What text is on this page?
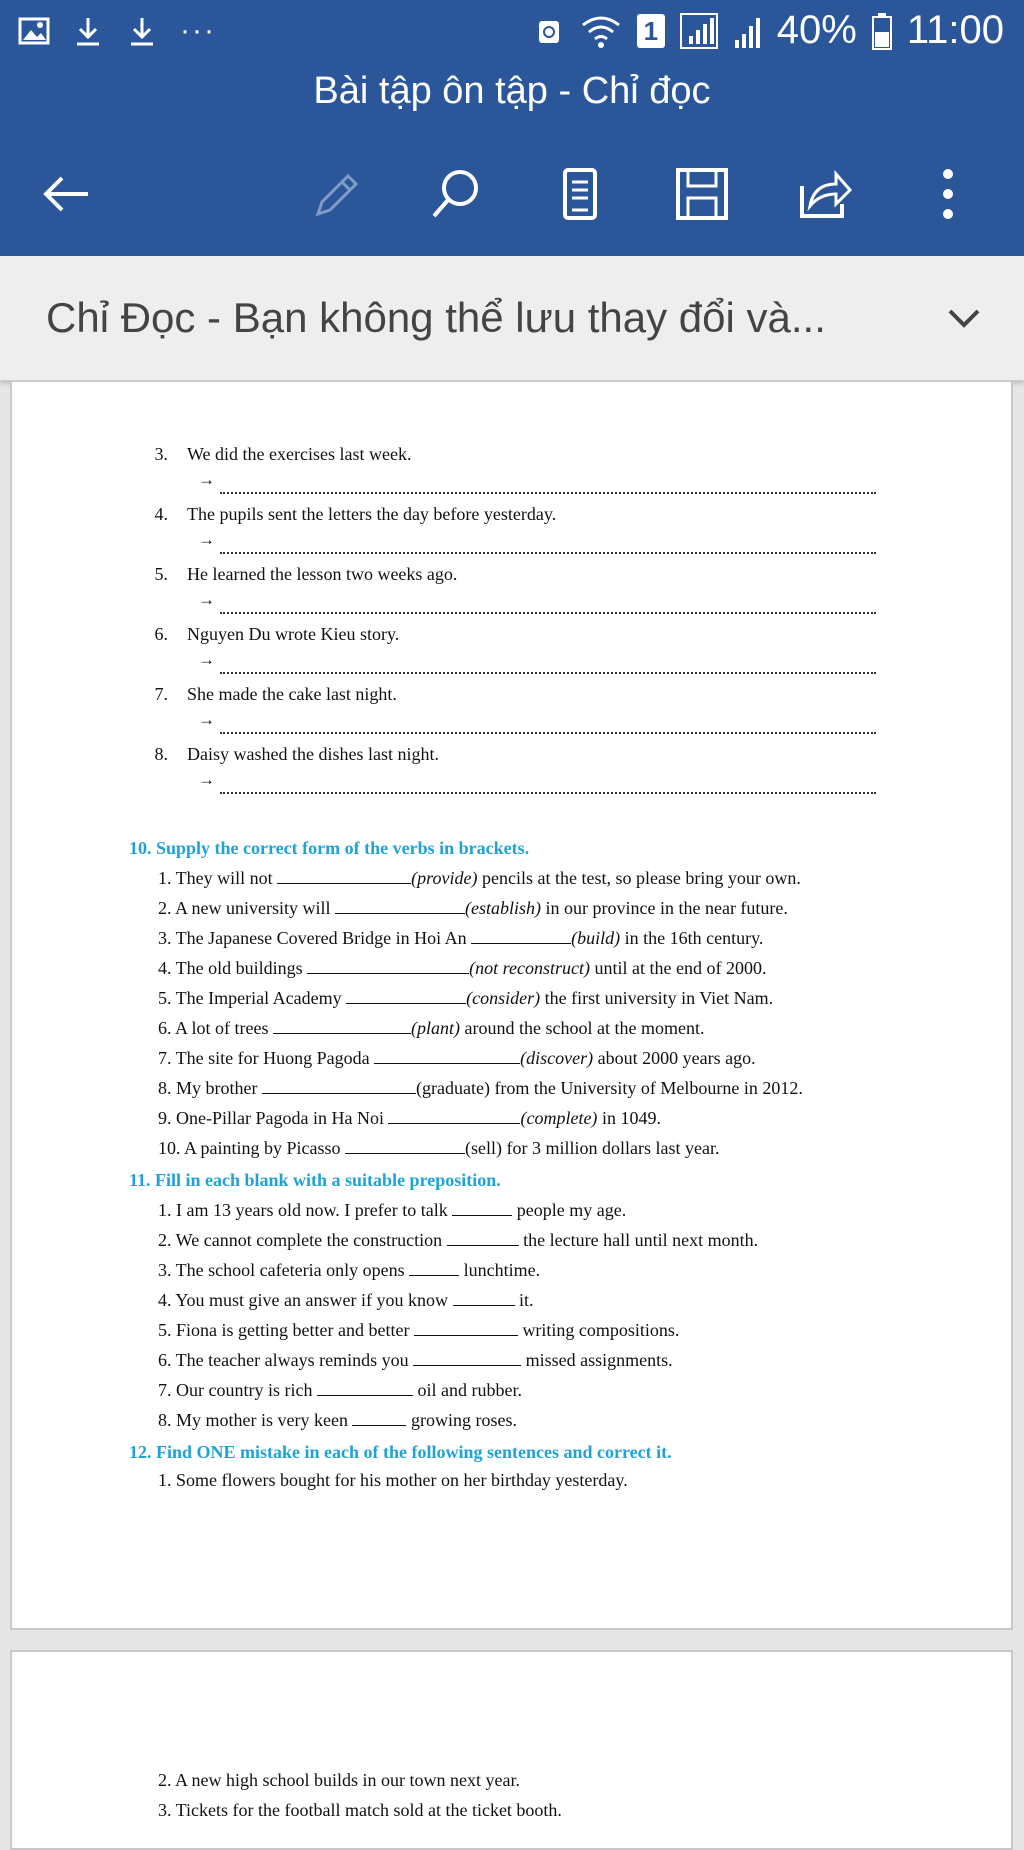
···	1	40% 11:00
Bài tập ôn tập - Chỉ đọc
Chỉ Đọc - Bạn không thể lưu thay đổi và...
3. We did the exercises last week.
→
4. The pupils sent the letters the day before yesterday.
→
5. He learned the lesson two weeks ago.
→
6. Nguyen Du wrote Kieu story.
→
7. She made the cake last night.
→
8. Daisy washed the dishes last night.
→
10. Supply the correct form of the verbs in brackets.
1. They will not	(provide) pencils at the test, so please bring your own.
2. A new university will	(establish) in our province in the near future.
3. The Japanese Covered Bridge in Hoi An	(build) in the 16th century.
4. The old buildings	(not reconstruct) until at the end of 2000.
5. The Imperial Academy	(consider) the first university in Viet Nam.
6. A lot of trees	(plant) around the school at the moment.
7. The site for Huong Pagoda	(discover) about 2000 years ago.
8. My brother	(graduate) from the University of Melbourne in 2012.
9. One-Pillar Pagoda in Ha Noi	(complete) in 1049.
10. A painting by Picasso	(sell) for 3 million dollars last year.
11. Fill in each blank with a suitable preposition.
1. I am 13 years old now. I prefer to talk	people my age.
2. We cannot complete the construction	the lecture hall until next month.
3. The school cafeteria only opens	lunchtime.
4. You must give an answer if you know	it.
5. Fiona is getting better and better	writing compositions.
6. The teacher always reminds you	missed assignments.
7. Our country is rich	oil and rubber.
8. My mother is very keen	growing roses.
12. Find ONE mistake in each of the following sentences and correct it.
1. Some flowers bought for his mother on her birthday yesterday.
2. A new high school builds in our town next year.
3. Tickets for the football match sold at the ticket booth.
